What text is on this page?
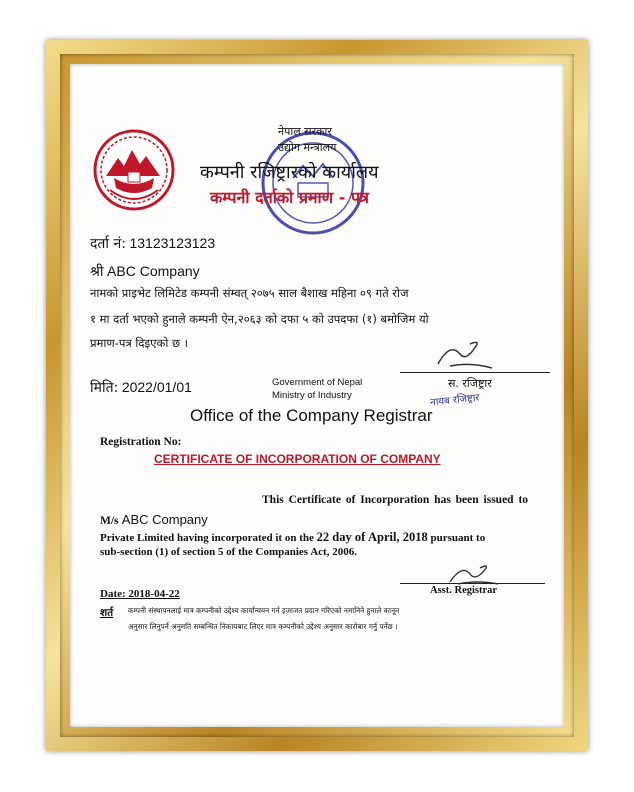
नेपाल सरकार
उद्योग मन्त्रालय
कम्पनी रजिष्ट्रारको कार्यालय
कम्पनी दर्ताको प्रमाण - पत्र
दर्ता नं: 13123123123
श्री ABC Company
नामको प्राइभेट लिमिटेड कम्पनी संम्वत् २०७५ साल बैशाख महिना ०९ गते रोज
१ मा दर्ता भएको हुनाले कम्पनी ऐन,२०६३ को दफा ५ को उपदफा (१) बमोजिम यो
प्रमाण-पत्र दिइएको छ ।
स. रजिष्ट्रार
नायब रजिष्ट्रार
मिति: 2022/01/01	Government of Nepal
Ministry of Industry
Office of the Company Registrar
Registration No:
CERTIFICATE OF INCORPORATION OF COMPANY
This Certificate of Incorporation has been issued to
M/s ABC Company
Private Limited having incorporated it on the 22 day of April, 2018 pursuant to
sub-section (1) of section 5 of the Companies Act, 2006.
Asst. Registrar
Date: 2018-04-22
शर्त कम्पनी संस्थापनलाई मात्र कम्पनीको उद्देश्य कार्यान्वयन गर्न इजाजत प्रदान गरिएको नमानिने हुनाले कानून
अनुसार लिनुपर्ने अनुमति सम्बन्धित निकायबाट लिएर मात्र कम्पनीको उद्देश्य अनुसार कारोबार गर्नु पर्नेछ ।
